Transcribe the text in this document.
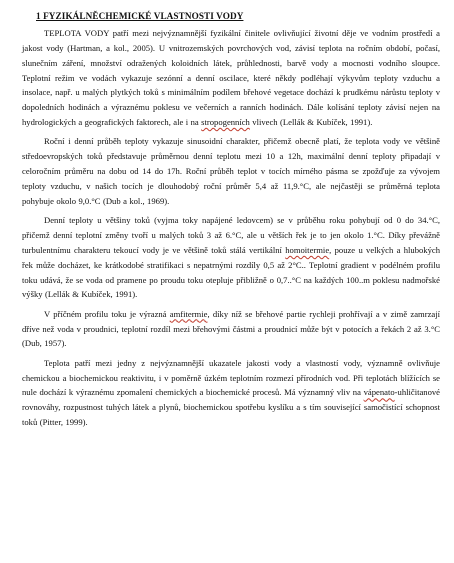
1 FYZIKÁLNĚCHEMICKÉ VLASTNOSTI VODY

TEPLOTA VODY patří mezi nejvýznamnější fyzikální činitele ovlivňující životní děje ve vodním prostředí a jakost vody (Hartman, a kol., 2005). U vnitrozemských povrchových vod, závisí teplota na ročním období, počasí, slunečním záření, množství odražených koloidních látek, průhlednosti, barvě vody a mocnosti vodního sloupce. Teplotní režim ve vodách vykazuje sezónní a denní oscilace, které někdy podléhají výkyvům teploty vzduchu a insolace, např. u malých plytkých toků s minimálním podílem břehové vegetace dochází k prudkému nárůstu teploty v dopoledních hodinách a výraznému poklesu ve večerních a ranních hodinách. Dále kolísání teploty závisí nejen na hydrologických a geografických faktorech, ale i na stropogenních vlivech (Lellák & Kubíček, 1991).

Roční i denní průběh teploty vykazuje sinusoidní charakter, přičemž obecně platí, že teplota vody ve většině středoevropských toků představuje průměrnou denní teplotu mezi 10 a 12h, maximální denní teploty připadají v celoročním průměru na dobu od 14 do 17h. Roční průběh teplot v tocích mírného pásma se zpožďuje za vývojem teploty vzduchu, v našich tocích je dlouhodobý roční průměr 5,4 až 11,9.°C, ale nejčastěji se průměrná teplota pohybuje okolo 9,0.°C (Dub a kol., 1969).

Denní teploty u většiny toků (vyjma toky napájené ledovcem) se v průběhu roku pohybují od 0 do 34.°C, přičemž denní teplotní změny tvoří u malých toků 3 až 6.°C, ale u větších řek je to jen okolo 1.°C. Díky převážně turbulentnímu charakteru tekoucí vody je ve většině toků stálá vertikální homoitermie, pouze u velkých a hlubokých řek může docházet, ke krátkodobé stratifikaci s nepatrnými rozdíly 0,5 až 2°C.. Teplotní gradient v podélném profilu toku udává, že se voda od pramene po proudu toku otepluje přibližně o 0,7..°C na každých 100..m poklesu nadmořské výšky (Lellák & Kubíček, 1991).

V příčném profilu toku je výrazná amfitermie, díky níž se břehové partie rychleji prohřívají a v zimě zamrzají dříve než voda v proudnici, teplotní rozdíl mezi břehovými částmi a proudnicí může být v potocích a řekách 2 až 3.°C (Dub, 1957).

Teplota patří mezi jedny z nejvýznamnější ukazatele jakosti vody a vlastností vody, významně ovlivňuje chemickou a biochemickou reaktivitu, i v poměrně úzkém teplotním rozmezí přírodních vod. Při teplotách blížících se nule dochází k výraznému zpomalení chemických a biochemické procesů. Má významný vliv na vápenato-uhličitanové rovnováhy, rozpustnost tuhých látek a plynů, biochemickou spotřebu kyslíku a s tím související samočistící schopnost toků (Pitter, 1999).
